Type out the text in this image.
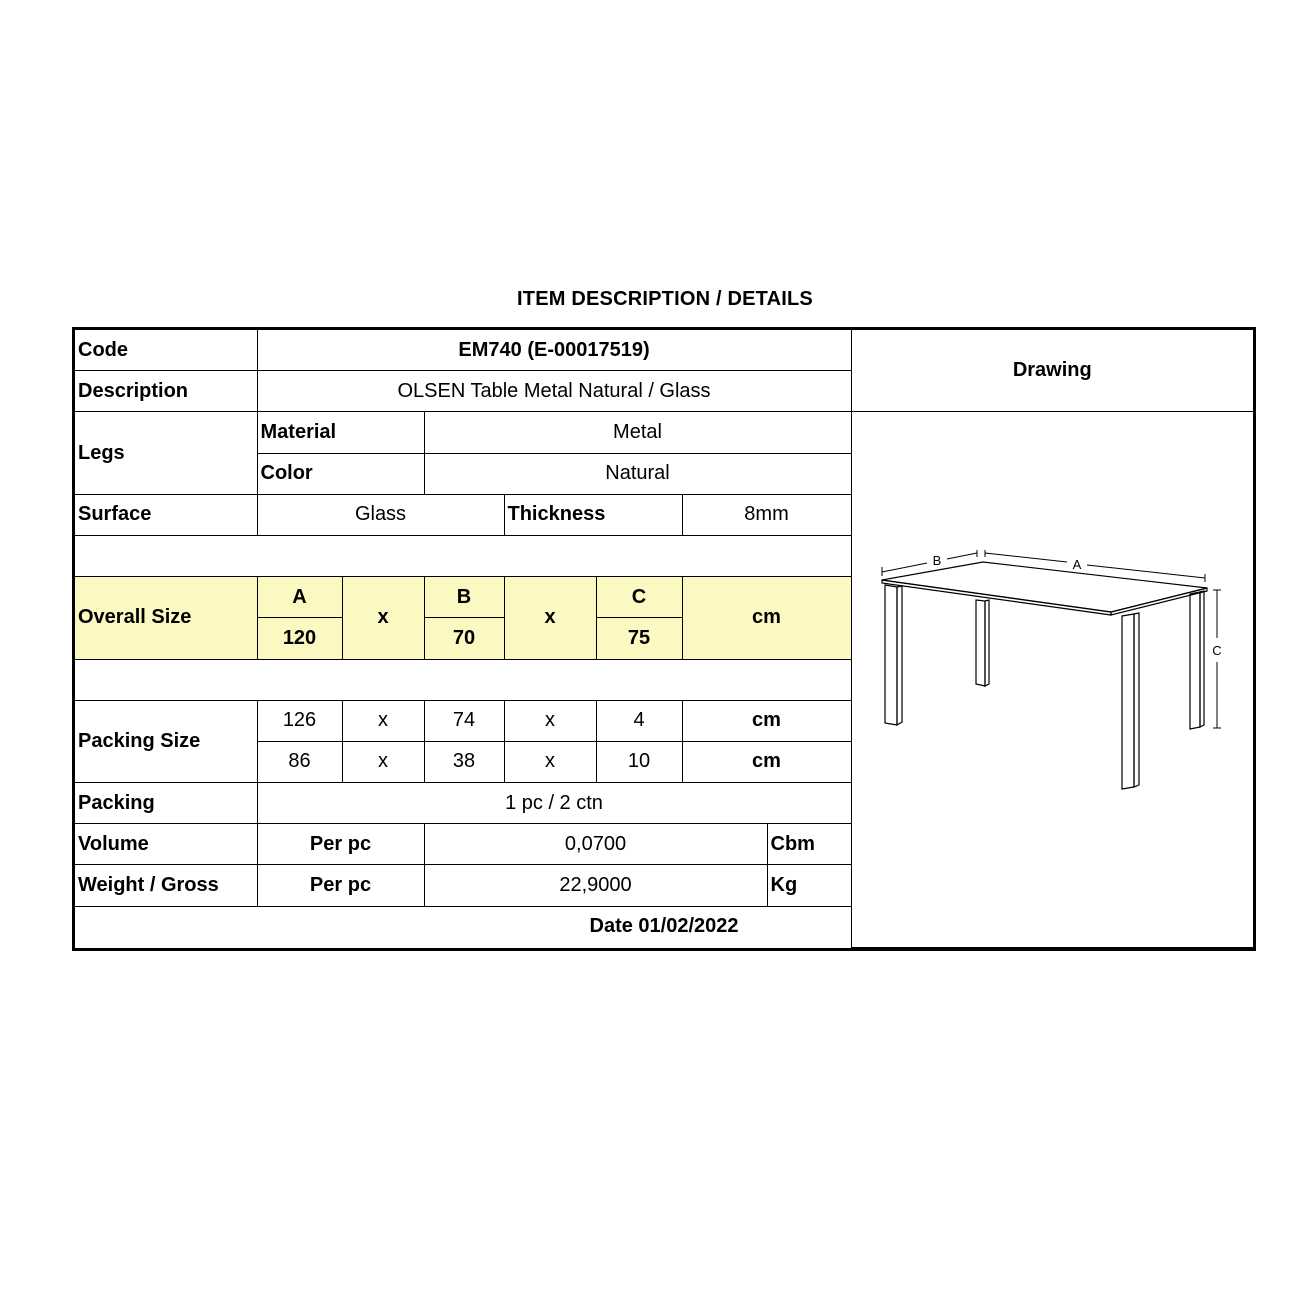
ITEM DESCRIPTION / DETAILS
Code	EM740 (E-00017519)							Drawing
Description	OLSEN Table Metal Natural / Glass							
Legs	Material		Metal					B A
C

	Color		Natural					
Surface	Glass			Thickness		8mm		

Overall Size	A	x	B	x	C	cm		
	120		70		75			

Packing Size	126	x	74	x	4	cm		
	86	x	38	x	10	cm		
Packing	1 pc / 2 ctn							
Volume	Per pc		0,0700				Cbm	
Weight / Gross	Per pc		22,9000				Kg	
Date 01/02/2022								
